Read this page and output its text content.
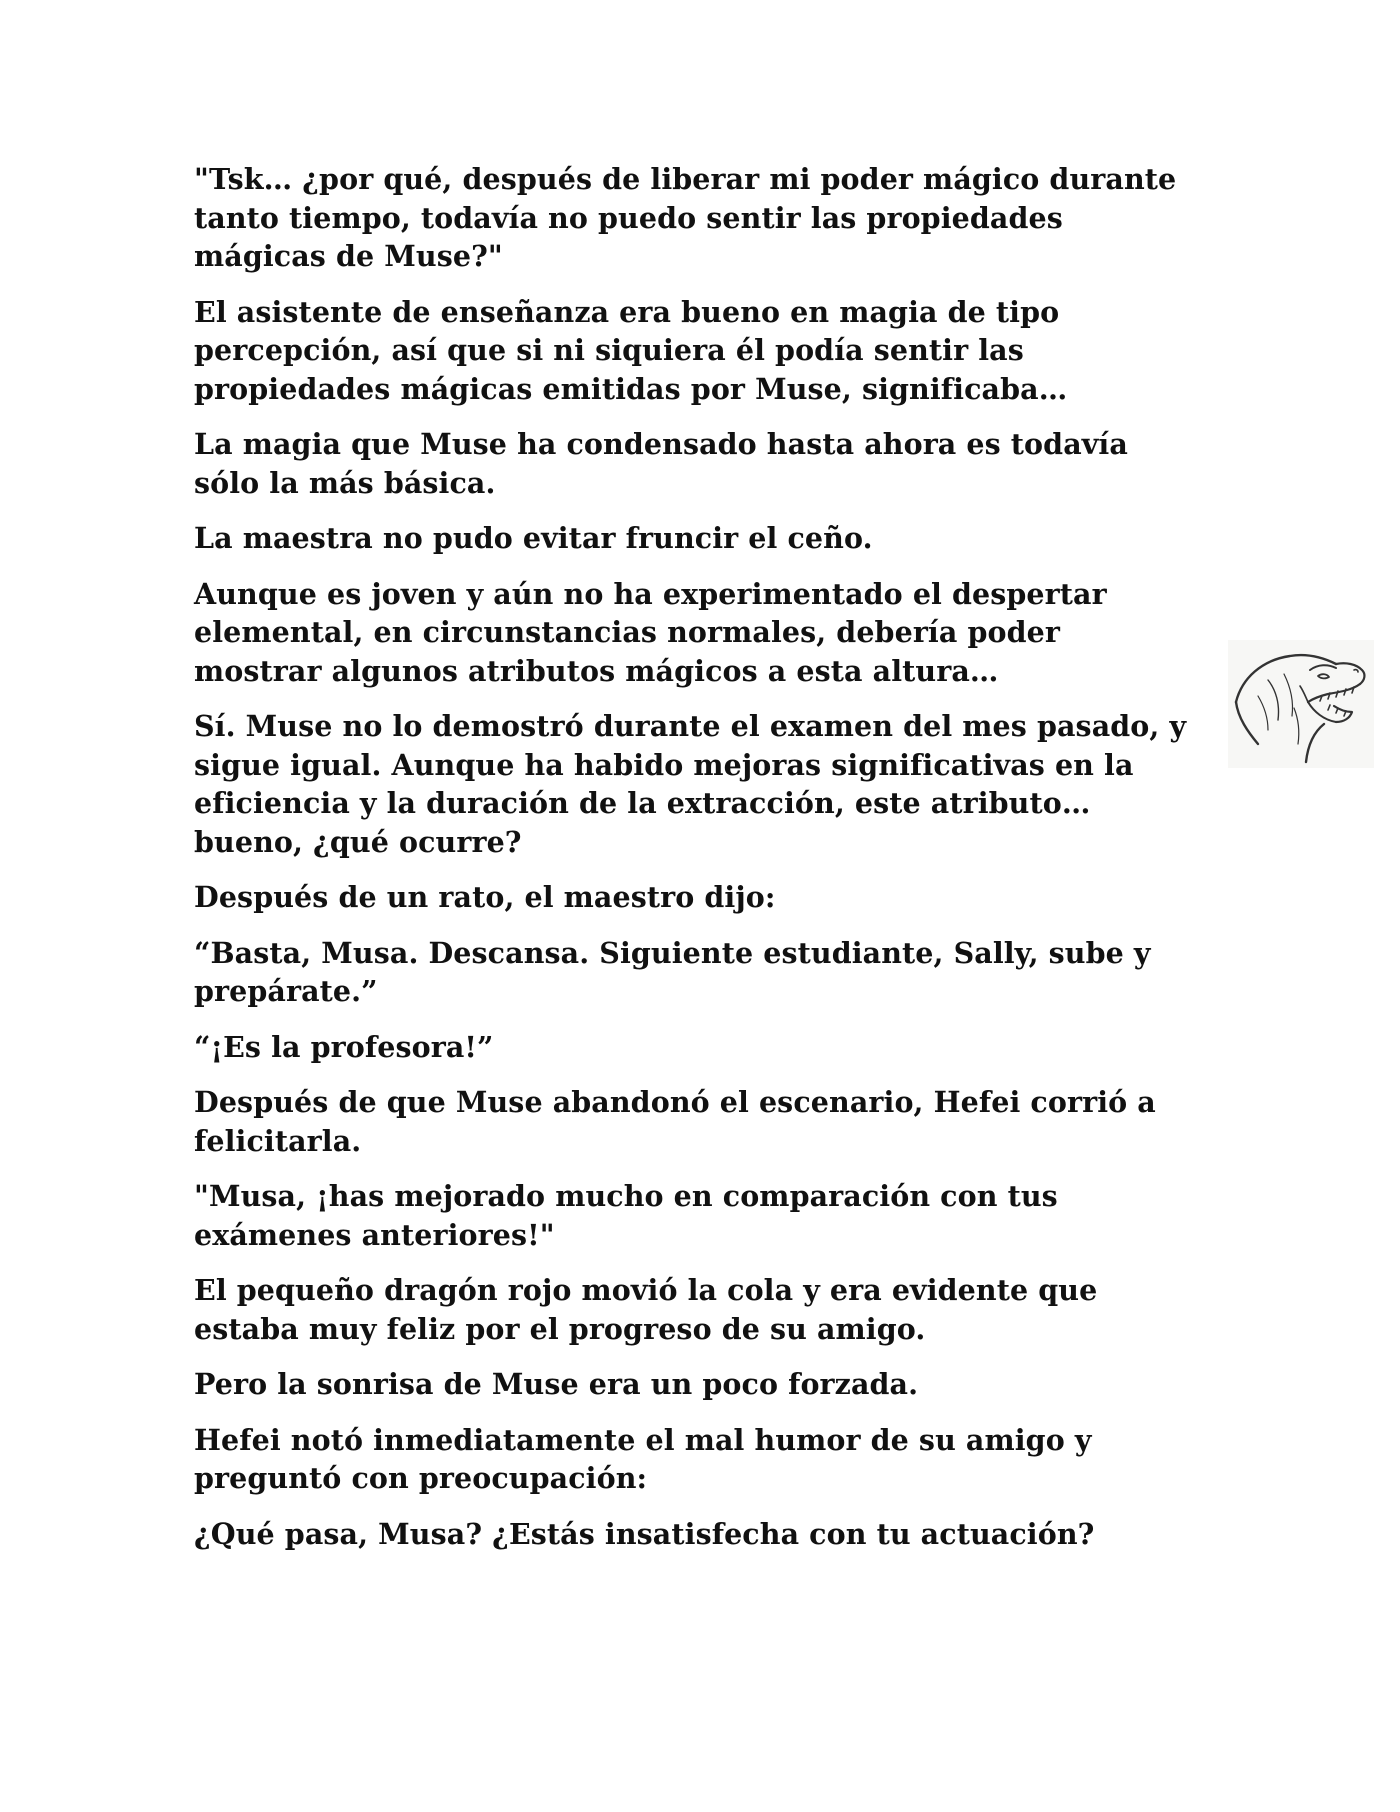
"Tsk… ¿por qué, después de liberar mi poder mágico durante tanto tiempo, todavía no puedo sentir las propiedades mágicas de Muse?"

El asistente de enseñanza era bueno en magia de tipo percepción, así que si ni siquiera él podía sentir las propiedades mágicas emitidas por Muse, significaba…

La magia que Muse ha condensado hasta ahora es todavía sólo la más básica.

La maestra no pudo evitar fruncir el ceño.

Aunque es joven y aún no ha experimentado el despertar elemental, en circunstancias normales, debería poder mostrar algunos atributos mágicos a esta altura…

Sí. Muse no lo demostró durante el examen del mes pasado, y sigue igual. Aunque ha habido mejoras significativas en la eficiencia y la duración de la extracción, este atributo… bueno, ¿qué ocurre?

Después de un rato, el maestro dijo:

“Basta, Musa. Descansa. Siguiente estudiante, Sally, sube y prepárate.”

“¡Es la profesora!”

Después de que Muse abandonó el escenario, Hefei corrió a felicitarla.

"Musa, ¡has mejorado mucho en comparación con tus exámenes anteriores!"

El pequeño dragón rojo movió la cola y era evidente que estaba muy feliz por el progreso de su amigo.

Pero la sonrisa de Muse era un poco forzada.

Hefei notó inmediatamente el mal humor de su amigo y preguntó con preocupación:

¿Qué pasa, Musa? ¿Estás insatisfecha con tu actuación?
